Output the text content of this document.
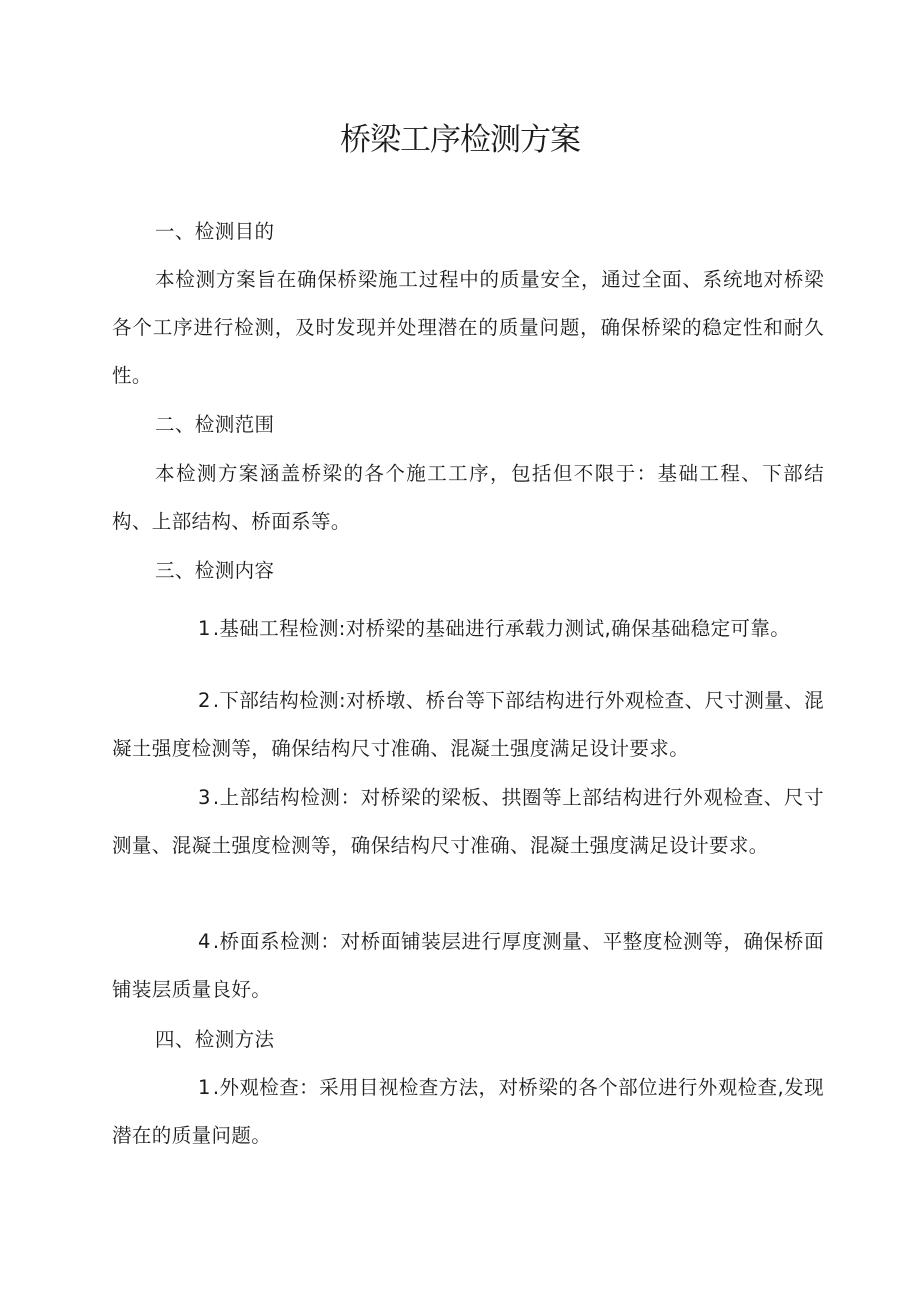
桥梁工序检测方案

一、检测目的

本检测方案旨在确保桥梁施工过程中的质量安全，通过全面、系统地对桥梁各个工序进行检测，及时发现并处理潜在的质量问题，确保桥梁的稳定性和耐久性。

二、检测范围

本检测方案涵盖桥梁的各个施工工序，包括但不限于：基础工程、下部结构、上部结构、桥面系等。

三、检测内容

1 .基础工程检测:对桥梁的基础进行承载力测试,确保基础稳定可靠。

2 .下部结构检测:对桥墩、桥台等下部结构进行外观检查、尺寸测量、混凝土强度检测等，确保结构尺寸准确、混凝土强度满足设计要求。

3 .上部结构检测：对桥梁的梁板、拱圈等上部结构进行外观检查、尺寸测量、混凝土强度检测等，确保结构尺寸准确、混凝土强度满足设计要求。

4 .桥面系检测：对桥面铺装层进行厚度测量、平整度检测等，确保桥面铺装层质量良好。

四、检测方法

1 .外观检查：采用目视检查方法，对桥梁的各个部位进行外观检查,发现潜在的质量问题。
